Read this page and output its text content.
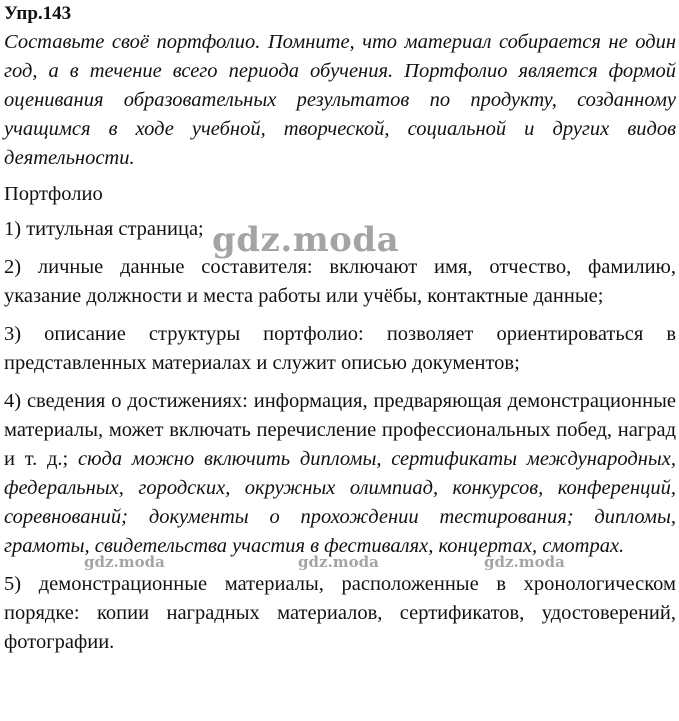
Упр.143

Составьте своё портфолио. Помните, что материал собирается не один год, а в течение всего периода обучения. Портфолио является формой оценивания образовательных результатов по продукту, созданному учащимся в ходе учебной, творческой, социальной и других видов деятельности.

Портфолио

1) титульная страница;

2) личные данные составителя: включают имя, отчество, фамилию, указание должности и места работы или учёбы, контактные данные;

3) описание структуры портфолио: позволяет ориентироваться в представленных материалах и служит описью документов;

4) сведения о достижениях: информация, предваряющая демонстрационные материалы, может включать перечисление профессиональных побед, наград и т. д.; сюда можно включить дипломы, сертификаты международных, федеральных, городских, окружных олимпиад, конкурсов, конференций, соревнований; документы о прохождении тестирования; дипломы, грамоты, свидетельства участия в фестивалях, концертах, смотрах.

5) демонстрационные материалы, расположенные в хронологическом порядке: копии наградных материалов, сертификатов, удостоверений, фотографии.

gdz.moda
gdz.moda	gdz.moda	gdz.moda
